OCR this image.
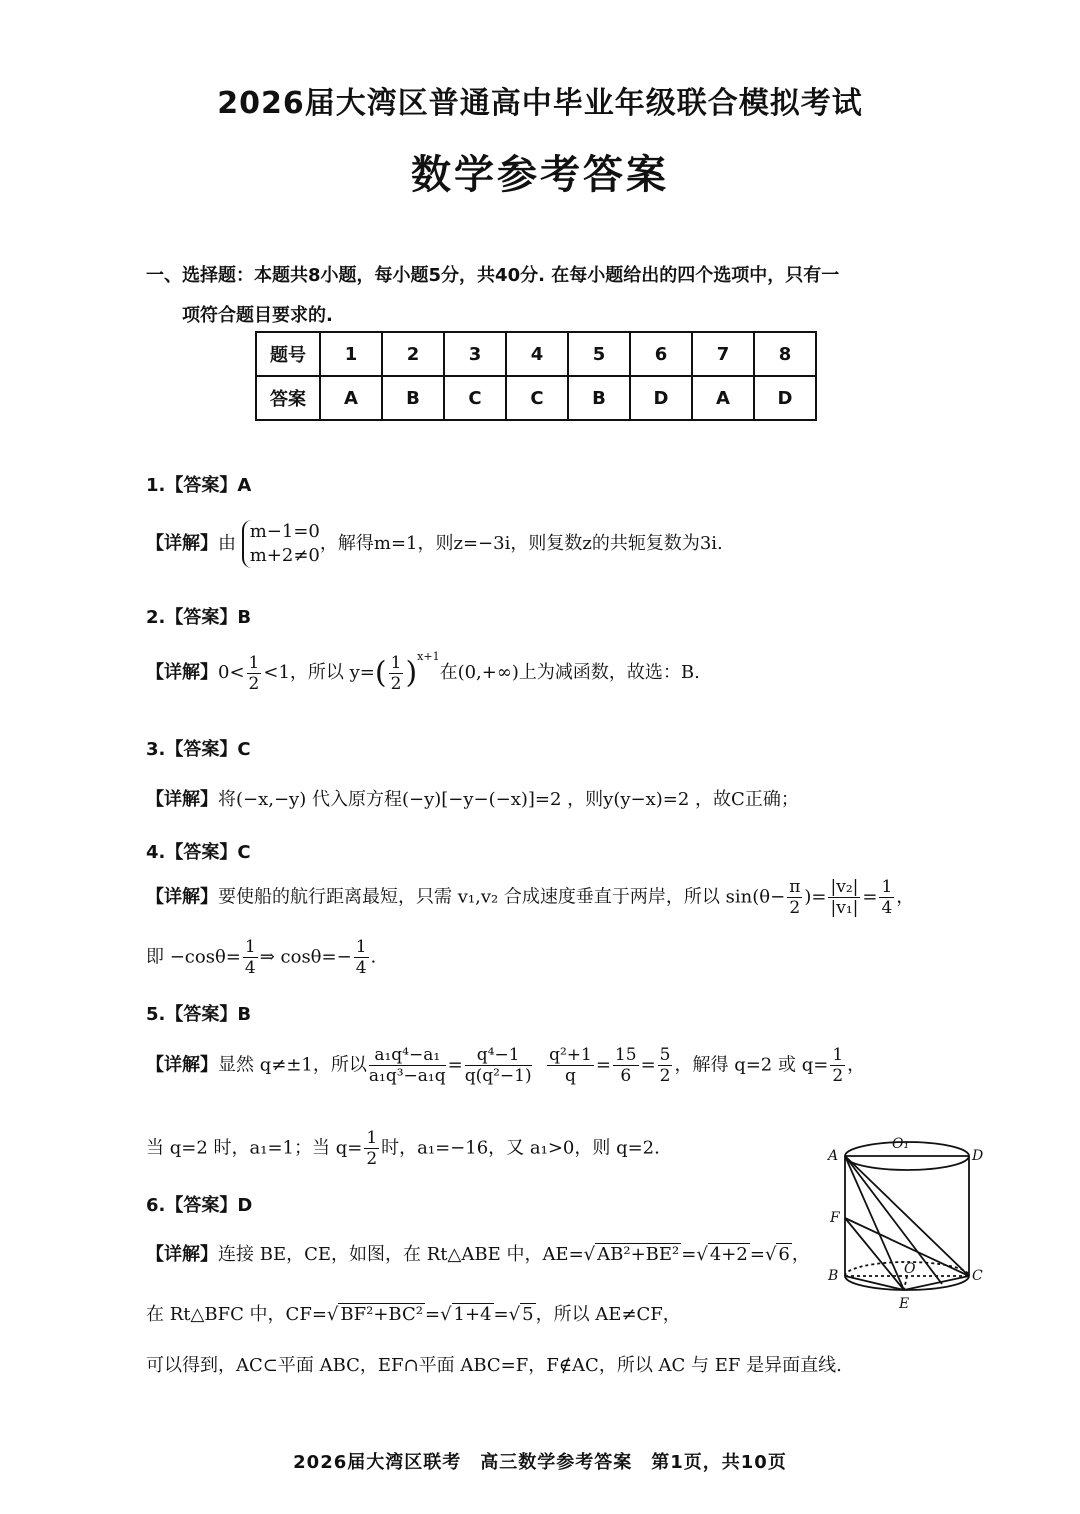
2026届大湾区普通高中毕业年级联合模拟考试
数学参考答案
一、选择题：本题共8小题，每小题5分，共40分. 在每小题给出的四个选项中，只有一
项符合题目要求的.
题号	1	2	3	4	5	6	7	8
答案	A	B	C	C	B	D	A	D
1.【答案】A
【详解】由
m−1=0
m+2≠0
，解得m=1，则z=−3i，则复数z的共轭复数为3i.
2.【答案】B
【详解】$0< \frac{1}{2} <1$，所以 $y=( \frac{1}{2} )^{x+1}$在(0,+∞)上为减函数，故选：B.
3.【答案】C
【详解】将(−x,−y) 代入原方程(−y)[−y−(−x)]=2 ，则y(y−x)=2 ，故C正确；
4.【答案】C
【详解】要使船的航行距离最短，只需 v₁,v₂ 合成速度垂直于两岸，所以 $\sin(\theta- \frac{\pi}{2}$ )= $\frac{\text{|v₂|}}{\text{|v₁|}} = \frac{1}{4}$ ，
即 $-\cos\theta= \frac{1}{4}$ ⇒ $\cos\theta=- \frac{1}{4}$ .
5.【答案】B
【详解】显然 q≠±1，所以 $\frac{\text{a₁q⁴−a₁}}{\text{a₁q³−a₁q}} = \frac{\text{q⁴−1}}{\text{q(q²−1)}}$
$\frac{\text{q²+1}}{q} = \frac{15}{6} = \frac{5}{2}$ ，解得 q=2 或 $q= \frac{1}{2}$ ，
当 q=2 时，a₁=1；当 $q= \frac{1}{2}$ 时，a₁=−16，又 a₁>0，则 q=2.
6.【答案】D
【详解】连接 BE，CE，如图，在 Rt△ABE 中，AE=√ AB²+BE² =√ 4+2 =√ 6 ，
在 Rt△BFC 中，CF=√ BF²+BC² =√ 1+4 =√ 5 ，所以 AE≠CF，
可以得到，AC⊂平面 ABC，EF∩平面 ABC=F，F∉AC，所以 AC 与 EF 是异面直线.
A	D
O₁
F
B	O	C
E
2026届大湾区联考　高三数学参考答案　第1页，共10页
